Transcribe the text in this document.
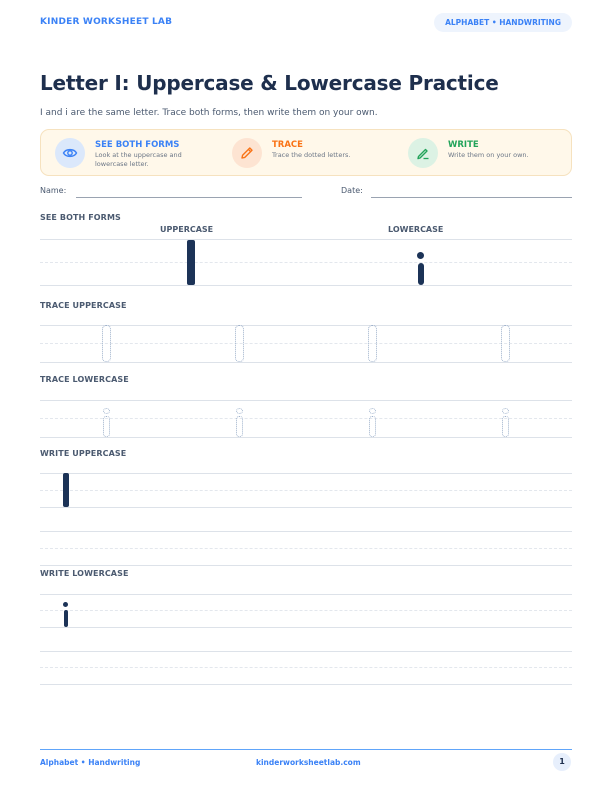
KINDER WORKSHEET LAB	ALPHABET • HANDWRITING
Letter I: Uppercase & Lowercase Practice
I and i are the same letter. Trace both forms, then write them on your own.
SEE BOTH FORMS
Look at the uppercase and lowercase letter.
TRACE
Trace the dotted letters.
WRITE
Write them on your own.
Name:	Date:
SEE BOTH FORMS
UPPERCASE	LOWERCASE
TRACE UPPERCASE
TRACE LOWERCASE
WRITE UPPERCASE
WRITE LOWERCASE
Alphabet • Handwriting	kinderworksheetlab.com	1
